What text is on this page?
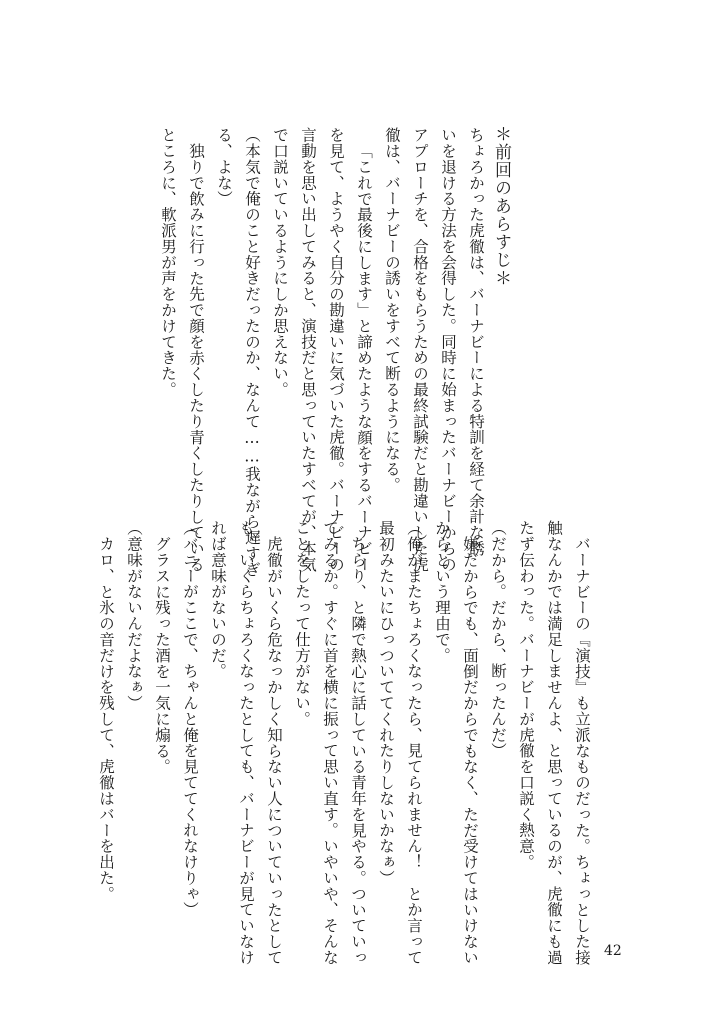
＊前回のあらすじ＊

ちょろかった虎徹は、バーナビーによる特訓を経て余計な誘

いを退ける方法を会得した。同時に始まったバーナビーからの

アプローチを、合格をもらうための最終試験だと勘違いした虎

徹は、バーナビーの誘いをすべて断るようになる。

「これで最後にします」と諦めたような顔をするバーナビー

を見て、ようやく自分の勘違いに気づいた虎徹。バーナビーの

言動を思い出してみると、演技だと思っていたすべてが、本気

で口説いているようにしか思えない。

（本気で俺のこと好きだったのか、なんて……我ながら遅すぎ

る、よな）

独りで飲みに行った先で顔を赤くしたり青くしたりしている

ところに、軟派男が声をかけてきた。

バーナビーの『演技』も立派なものだった。ちょっとした接

触なんかでは満足しませんよ、と思っているのが、虎徹にも過

たず伝わった。バーナビーが虎徹を口説く熱意。

（だから。だから、断ったんだ）

嫌だからでも、面倒だからでもなく、ただ受けてはいけない

からという理由で。

（俺がまたちょろくなったら、見てられません！　とか言って

最初みたいにひっついててくれたりしないかなぁ）

ちらり、と隣で熱心に話している青年を見やる。ついていっ

てみるか。すぐに首を横に振って思い直す。いやいや、そんな

ことをしたって仕方がない。

虎徹がいくら危なっかしく知らない人についていったとして

も、いくらちょろくなったとしても、バーナビーが見ていなけ

れば意味がないのだ。

（バニーがここで、ちゃんと俺を見ててくれなけりゃ）

グラスに残った酒を一気に煽る。

（意味がないんだよなぁ）

カロ、と氷の音だけを残して、虎徹はバーを出た。

42
